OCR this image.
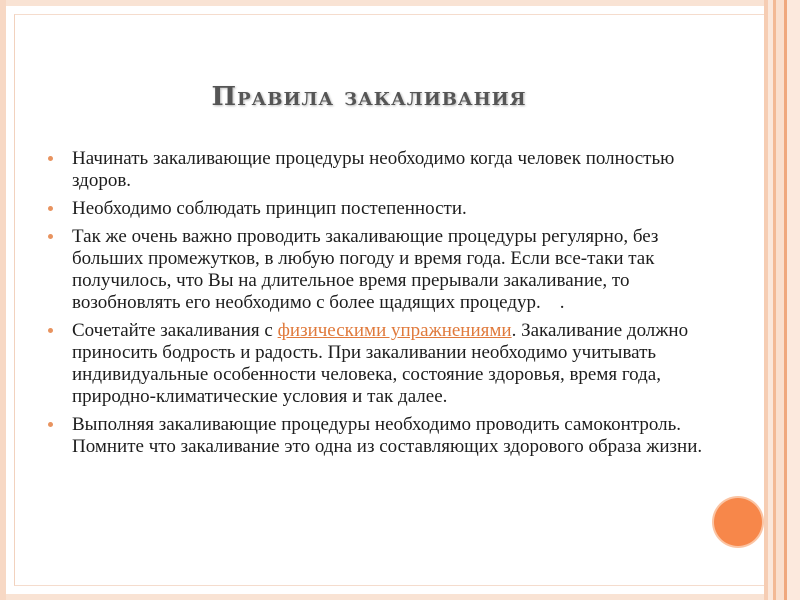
Правила закаливания
Начинать закаливающие процедуры необходимо когда человек полностью здоров.
Необходимо соблюдать принцип постепенности.
Так же очень важно проводить закаливающие процедуры регулярно, без больших промежутков, в любую погоду и время года. Если все-таки так получилось, что Вы на длительное время прерывали закаливание, то возобновлять его необходимо с более щадящих процедур.    .
Сочетайте закаливания с физическими упражнениями. Закаливание должно приносить бодрость и радость. При закаливании необходимо учитывать индивидуальные особенности человека, состояние здоровья, время года, природно-климатические условия и так далее.
Выполняя закаливающие процедуры необходимо проводить самоконтроль. Помните что закаливание это одна из составляющих здорового образа жизни.
